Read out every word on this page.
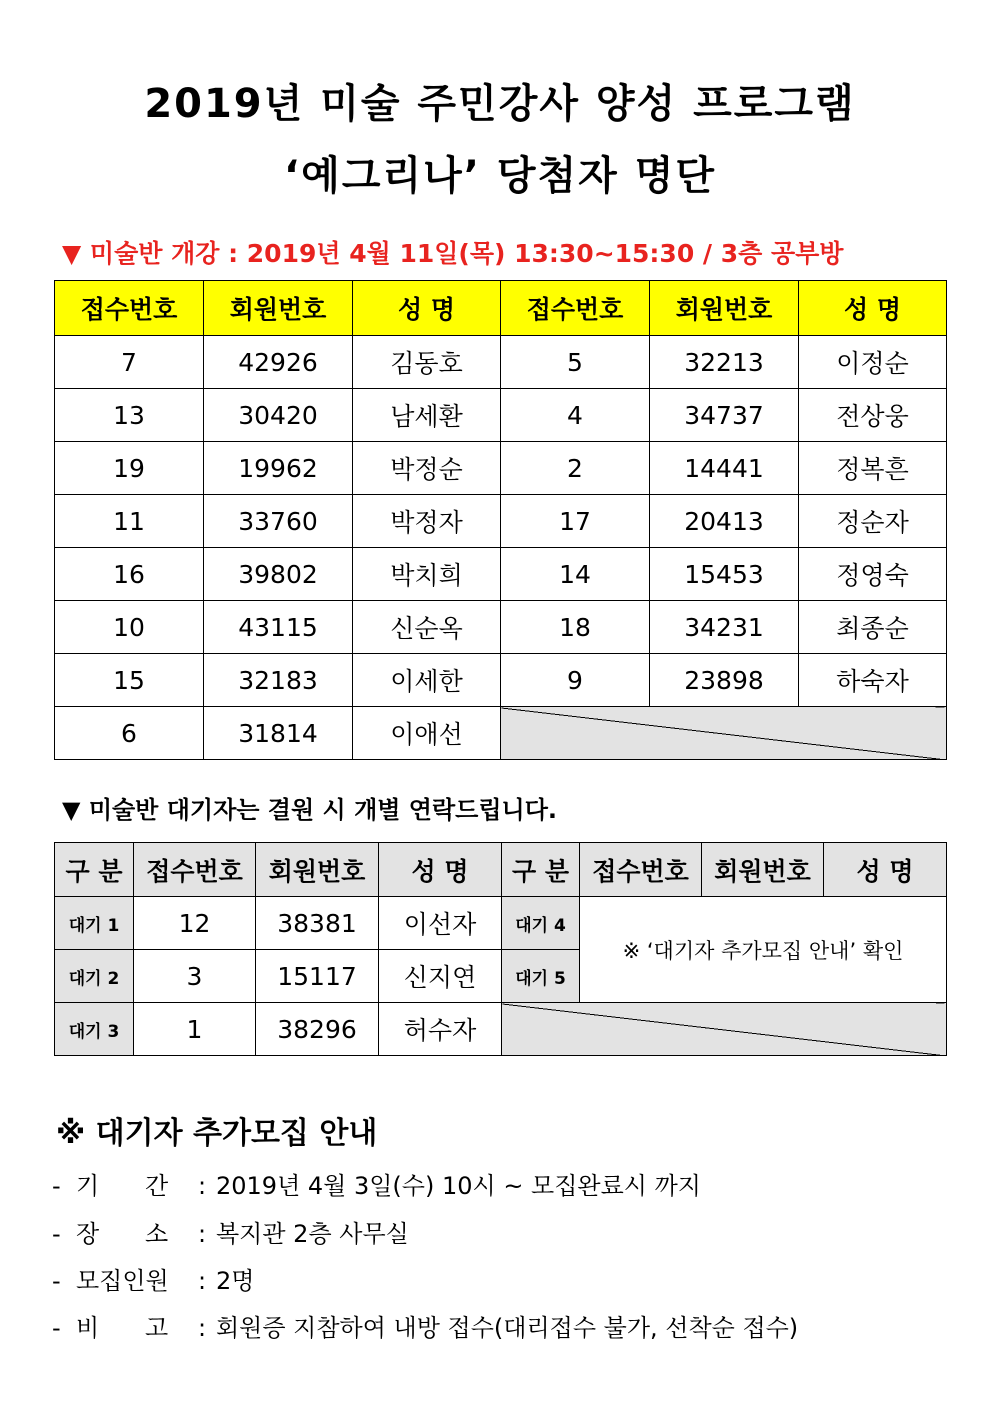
2019년 미술 주민강사 양성 프로그램
‘예그리나’ 당첨자 명단
▼ 미술반 개강 : 2019년 4월 11일(목) 13:30~15:30 / 3층 공부방
접수번호	회원번호	성 명	접수번호	회원번호	성 명
7	42926	김동호	5	32213	이정순
13	30420	남세환	4	34737	전상웅
19	19962	박정순	2	14441	정복흔
11	33760	박정자	17	20413	정순자
16	39802	박치희	14	15453	정영숙
10	43115	신순옥	18	34231	최종순
15	32183	이세한	9	23898	하숙자
6	31814	이애선			
▼ 미술반 대기자는 결원 시 개별 연락드립니다.
구 분	접수번호	회원번호	성 명	구 분	접수번호	회원번호	성 명
대기 1	12	38381	이선자	대기 4	※ ‘대기자 추가모집 안내’ 확인		
대기 2	3	15117	신지연	대기 5			
대기 3	1	38296	허수자				
※ 대기자 추가모집 안내
- 기      간 : 2019년 4월 3일(수) 10시 ~ 모집완료시 까지
- 장      소 : 복지관 2층 사무실
- 모집인원 : 2명
- 비      고 : 회원증 지참하여 내방 접수(대리접수 불가, 선착순 접수)
